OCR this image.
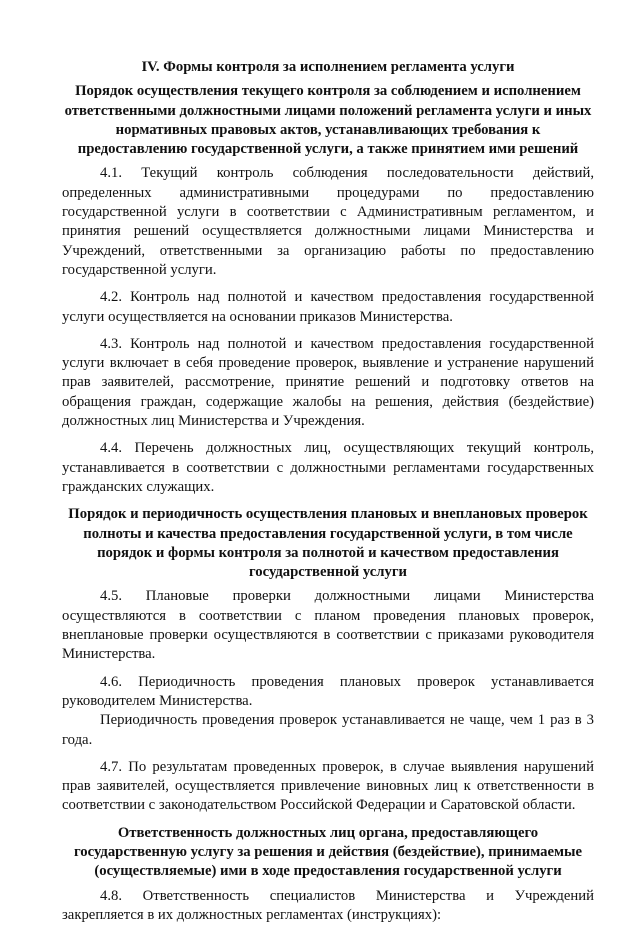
IV. Формы контроля за исполнением регламента услуги
Порядок осуществления текущего контроля за соблюдением и исполнением ответственными должностными лицами положений регламента услуги и иных нормативных правовых актов, устанавливающих требования к предоставлению государственной услуги, а также принятием ими решений

4.1. Текущий контроль соблюдения последовательности действий, определенных административными процедурами по предоставлению государственной услуги в соответствии с Административным регламентом, и принятия решений осуществляется должностными лицами Министерства и Учреждений, ответственными за организацию работы по предоставлению государственной услуги.

4.2. Контроль над полнотой и качеством предоставления государственной услуги осуществляется на основании приказов Министерства.

4.3. Контроль над полнотой и качеством предоставления государственной услуги включает в себя проведение проверок, выявление и устранение нарушений прав заявителей, рассмотрение, принятие решений и подготовку ответов на обращения граждан, содержащие жалобы на решения, действия (бездействие) должностных лиц Министерства и Учреждения.

4.4. Перечень должностных лиц, осуществляющих текущий контроль, устанавливается в соответствии с должностными регламентами государственных гражданских служащих.

Порядок и периодичность осуществления плановых и внеплановых проверок полноты и качества предоставления государственной услуги, в том числе порядок и формы контроля за полнотой и качеством предоставления государственной услуги

4.5. Плановые проверки должностными лицами Министерства осуществляются в соответствии с планом проведения плановых проверок, внеплановые проверки осуществляются в соответствии с приказами руководителя Министерства.

4.6. Периодичность проведения плановых проверок устанавливается руководителем Министерства.

Периодичность проведения проверок устанавливается не чаще, чем 1 раз в 3 года.

4.7. По результатам проведенных проверок, в случае выявления нарушений прав заявителей, осуществляется привлечение виновных лиц к ответственности в соответствии с законодательством Российской Федерации и Саратовской области.

Ответственность должностных лиц органа, предоставляющего государственную услугу за решения и действия (бездействие), принимаемые (осуществляемые) ими в ходе предоставления государственной услуги

4.8. Ответственность специалистов Министерства и Учреждений закрепляется в их должностных регламентах (инструкциях):
